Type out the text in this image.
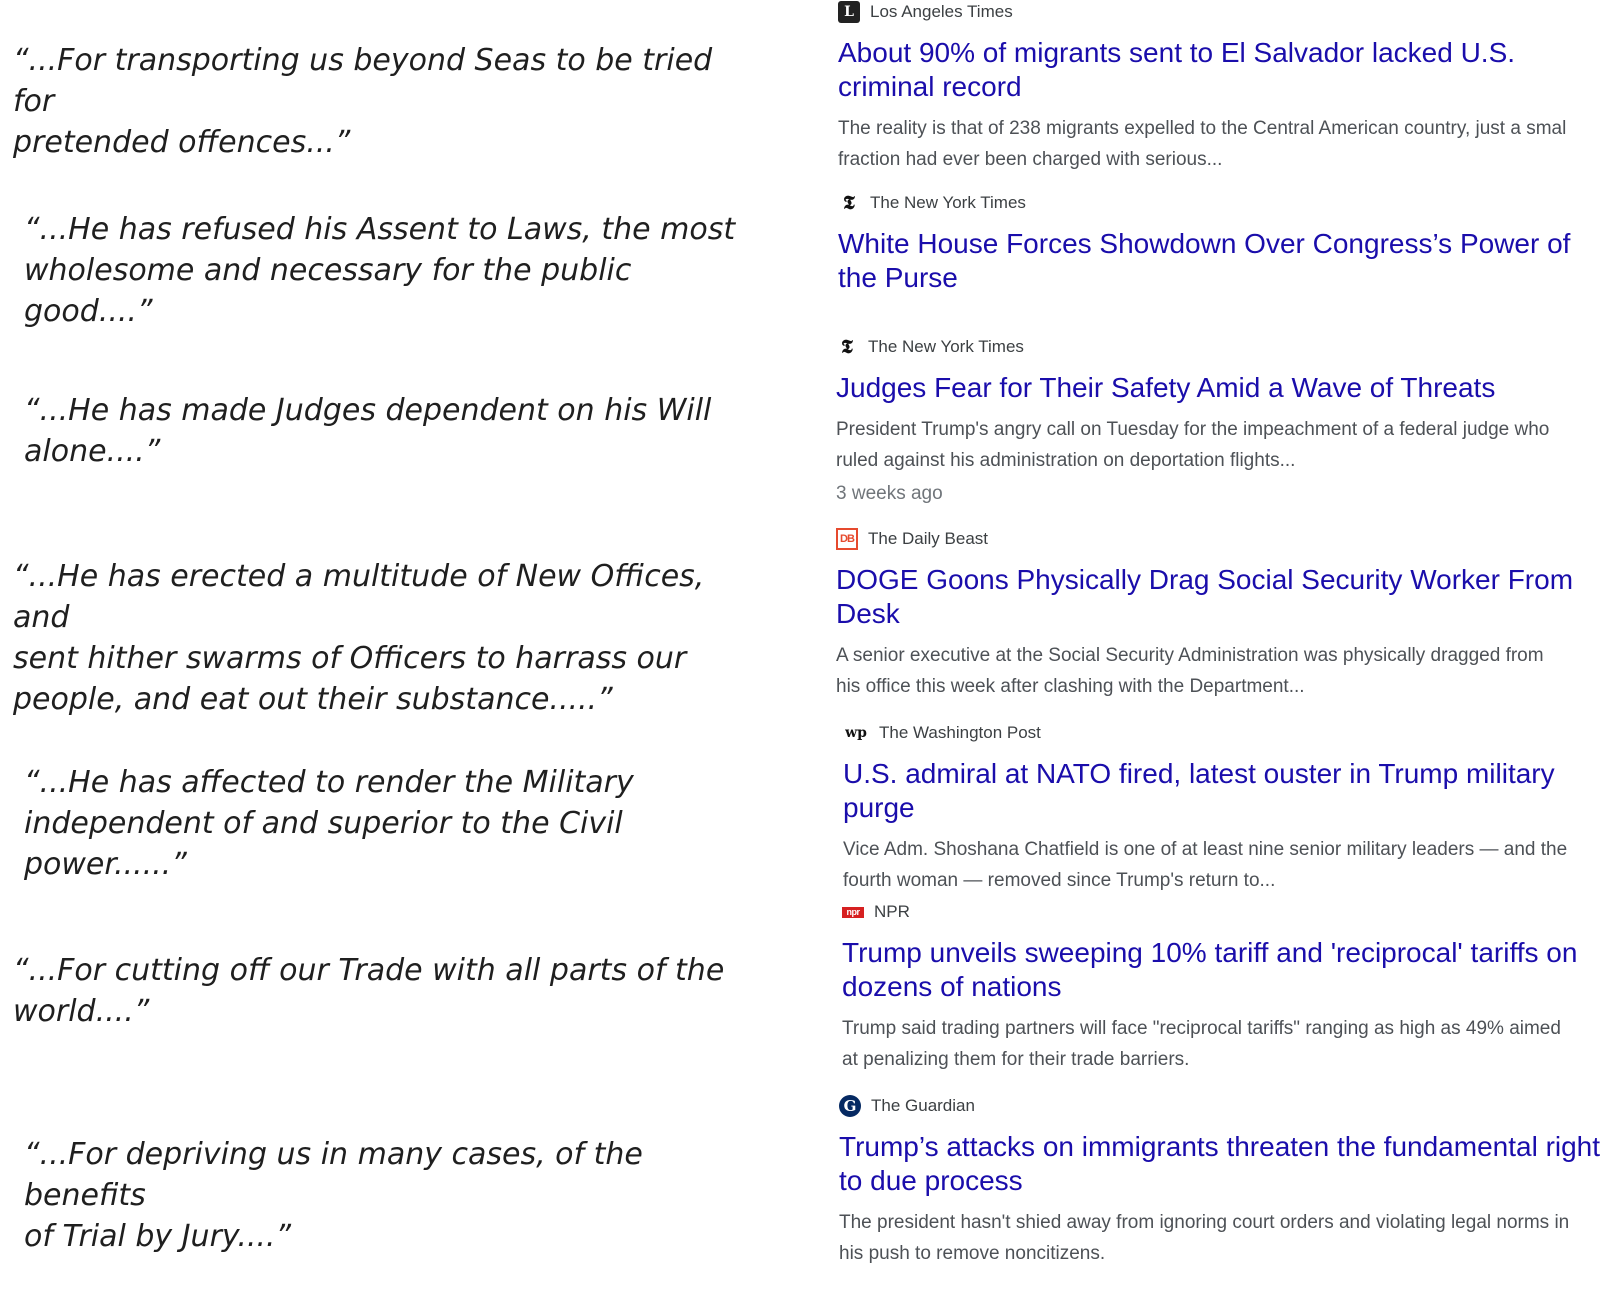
“...For transporting us beyond Seas to be tried for
pretended offences...”

“...He has refused his Assent to Laws, the most
wholesome and necessary for the public good....”

“...He has made Judges dependent on his Will
alone....”

“...He has erected a multitude of New Offices, and
sent hither swarms of Officers to harrass our
people, and eat out their substance.....”

“...He has affected to render the Military
independent of and superior to the Civil power......”

“...For cutting off our Trade with all parts of the
world....”

“...For depriving us in many cases, of the benefits
of Trial by Jury....”

L Los Angeles Times
About 90% of migrants sent to El Salvador lacked U.S. criminal record
The reality is that of 238 migrants expelled to the Central American country, just a smal
fraction had ever been charged with serious...
𝕿 The New York Times
White House Forces Showdown Over Congress’s Power of the Purse
𝕿 The New York Times
Judges Fear for Their Safety Amid a Wave of Threats
President Trump's angry call on Tuesday for the impeachment of a federal judge who
ruled against his administration on deportation flights...
3 weeks ago
DB The Daily Beast
DOGE Goons Physically Drag Social Security Worker From Desk
A senior executive at the Social Security Administration was physically dragged from
his office this week after clashing with the Department...
wp The Washington Post
U.S. admiral at NATO fired, latest ouster in Trump military purge
Vice Adm. Shoshana Chatfield is one of at least nine senior military leaders — and the
fourth woman — removed since Trump's return to...
npr NPR
Trump unveils sweeping 10% tariff and 'reciprocal' tariffs on dozens of nations
Trump said trading partners will face "reciprocal tariffs" ranging as high as 49% aimed
at penalizing them for their trade barriers.
G The Guardian
Trump’s attacks on immigrants threaten the fundamental right to due process
The president hasn't shied away from ignoring court orders and violating legal norms in
his push to remove noncitizens.
